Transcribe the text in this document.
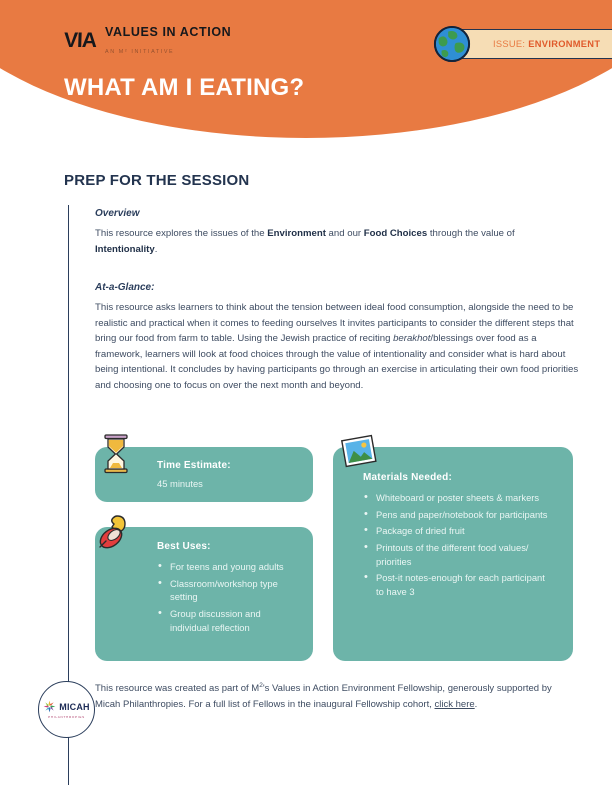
VIA VALUES IN ACTION
AN M² INITIATIVE
ISSUE: ENVIRONMENT
WHAT AM I EATING?
PREP FOR THE SESSION
Overview

This resource explores the issues of the Environment and our Food Choices through the value of Intentionality.

At-a-Glance:

This resource asks learners to think about the tension between ideal food consumption, alongside the need to be realistic and practical when it comes to feeding ourselves It invites participants to consider the different steps that bring our food from farm to table. Using the Jewish practice of reciting berakhot/blessings over food as a framework, learners will look at food choices through the value of intentionality and consider what is hard about being intentional. It concludes by having participants go through an exercise in articulating their own food priorities and choosing one to focus on over the next month and beyond.

Time Estimate:
45 minutes
Best Uses:
• For teens and young adults
• Classroom/workshop type setting
• Group discussion and individual reflection
Materials Needed:
• Whiteboard or poster sheets & markers
• Pens and paper/notebook for participants
• Package of dried fruit
• Printouts of the different food values/ priorities
• Post-it notes-enough for each participant to have 3
MICAH
PHILANTHROPIES
This resource was created as part of $M^2's$ Values in Action Environment Fellowship, generously supported by Micah Philanthropies. For a full list of Fellows in the inaugural Fellowship cohort, click here.
